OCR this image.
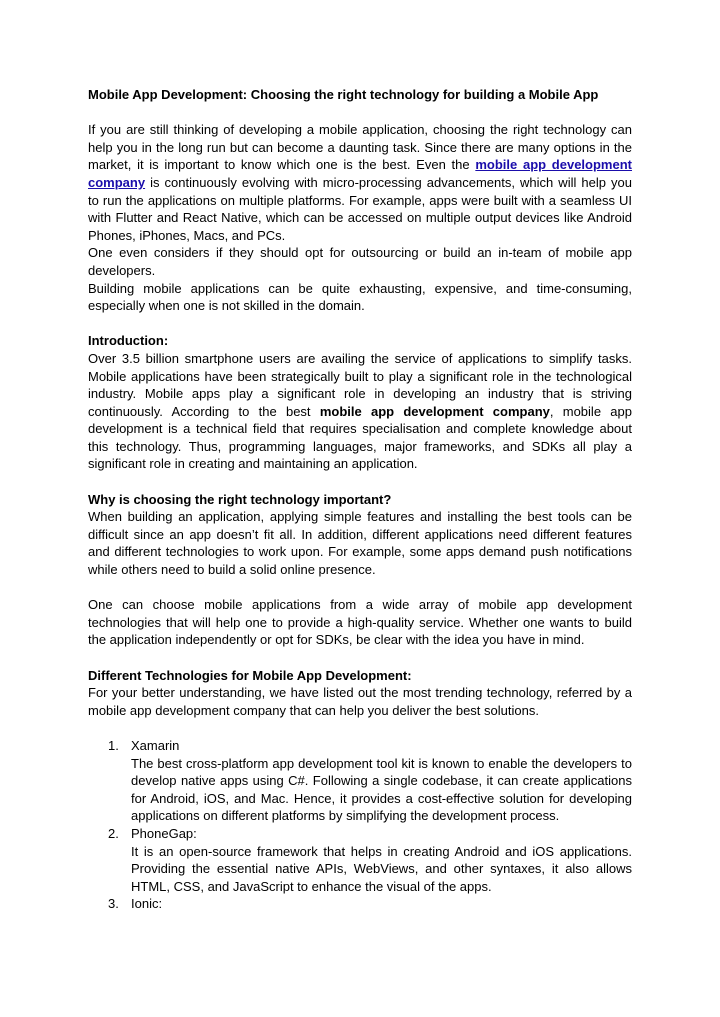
Mobile App Development: Choosing the right technology for building a Mobile App

If you are still thinking of developing a mobile application, choosing the right technology can help you in the long run but can become a daunting task. Since there are many options in the market, it is important to know which one is the best. Even the mobile app development company is continuously evolving with micro-processing advancements, which will help you to run the applications on multiple platforms. For example, apps were built with a seamless UI with Flutter and React Native, which can be accessed on multiple output devices like Android Phones, iPhones, Macs, and PCs.

One even considers if they should opt for outsourcing or build an in-team of mobile app developers.

Building mobile applications can be quite exhausting, expensive, and time-consuming, especially when one is not skilled in the domain.

Introduction:

Over 3.5 billion smartphone users are availing the service of applications to simplify tasks. Mobile applications have been strategically built to play a significant role in the technological industry. Mobile apps play a significant role in developing an industry that is striving continuously. According to the best mobile app development company, mobile app development is a technical field that requires specialisation and complete knowledge about this technology. Thus, programming languages, major frameworks, and SDKs all play a significant role in creating and maintaining an application.

Why is choosing the right technology important?

When building an application, applying simple features and installing the best tools can be difficult since an app doesn’t fit all. In addition, different applications need different features and different technologies to work upon. For example, some apps demand push notifications while others need to build a solid online presence.

One can choose mobile applications from a wide array of mobile app development technologies that will help one to provide a high-quality service. Whether one wants to build the application independently or opt for SDKs, be clear with the idea you have in mind.

Different Technologies for Mobile App Development:

For your better understanding, we have listed out the most trending technology, referred by a mobile app development company that can help you deliver the best solutions.

1. Xamarin
The best cross-platform app development tool kit is known to enable the developers to develop native apps using C#. Following a single codebase, it can create applications for Android, iOS, and Mac. Hence, it provides a cost-effective solution for developing applications on different platforms by simplifying the development process.
2. PhoneGap:
It is an open-source framework that helps in creating Android and iOS applications. Providing the essential native APIs, WebViews, and other syntaxes, it also allows HTML, CSS, and JavaScript to enhance the visual of the apps.
3. Ionic:
